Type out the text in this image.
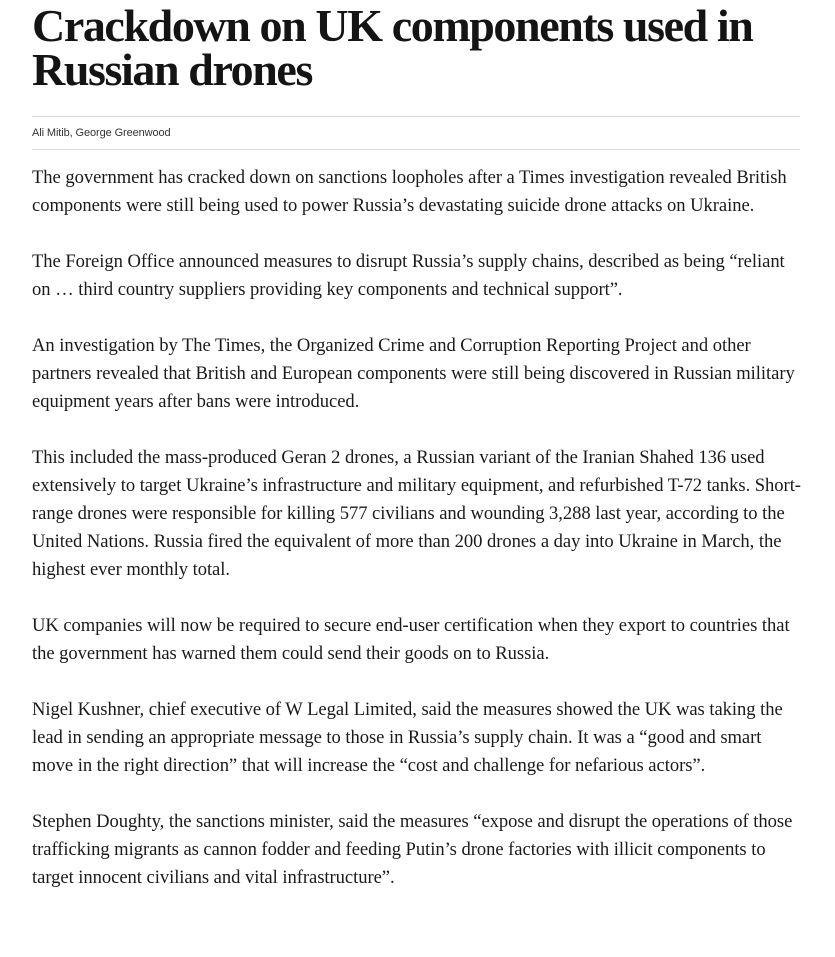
Crackdown on UK components used in Russian drones
Ali Mitib, George Greenwood

The government has cracked down on sanctions loopholes after a Times investigation revealed British components were still being used to power Russia’s devastating suicide drone attacks on Ukraine.

The Foreign Office announced measures to disrupt Russia’s supply chains, described as being “reliant on … third country suppliers providing key components and technical support”.

An investigation by The Times, the Organized Crime and Corruption Reporting Project and other partners revealed that British and European components were still being discovered in Russian military equipment years after bans were introduced.

This included the mass-produced Geran 2 drones, a Russian variant of the Iranian Shahed 136 used extensively to target Ukraine’s infrastructure and military equipment, and refurbished T-72 tanks. Short-range drones were responsible for killing 577 civilians and wounding 3,288 last year, according to the United Nations. Russia fired the equivalent of more than 200 drones a day into Ukraine in March, the highest ever monthly total.

UK companies will now be required to secure end-user certification when they export to countries that the government has warned them could send their goods on to Russia.

Nigel Kushner, chief executive of W Legal Limited, said the measures showed the UK was taking the lead in sending an appropriate message to those in Russia’s supply chain. It was a “good and smart move in the right direction” that will increase the “cost and challenge for nefarious actors”.

Stephen Doughty, the sanctions minister, said the measures “expose and disrupt the operations of those trafficking migrants as cannon fodder and feeding Putin’s drone factories with illicit components to target innocent civilians and vital infrastructure”.
